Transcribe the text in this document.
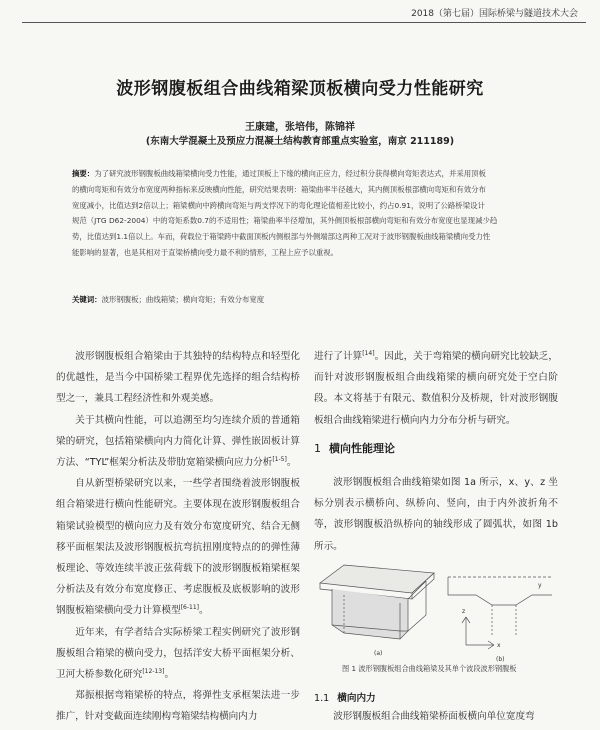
2018（第七届）国际桥梁与隧道技术大会
波形钢腹板组合曲线箱梁顶板横向受力性能研究
王康建，张培伟，陈锦祥
(东南大学混凝土及预应力混凝土结构教育部重点实验室，南京 211189)
摘要：为了研究波形钢腹板曲线箱梁横向受力性能，通过顶板上下缘的横向正应力，经过积分获得横向弯矩表达式，并采用顶板
的横向弯矩和有效分布宽度两种指标来反映横向性能，研究结果表明：箱梁曲率半径越大，其内侧顶板根部横向弯矩和有效分布
宽度减小，比值达到2倍以上；箱梁横向中跨横向弯矩与两支悖况下的弯化理论值相差比较小，约占0.91，说明了公路桥梁设计
规范（JTG D62-2004）中的弯矩系数0.7的不适用性；箱梁曲率半径增加，其外侧顶板根部横向弯矩和有效分布宽度也显现减少趋
势，比值达到1.1倍以上。车而，荷载位于箱梁跨中截面顶板内侧根部与外侧端部这两种工况对于波形钢腹板曲线箱梁横向受力性
能影响的显著，也是其相对于直梁桥横向受力最不利的情形，工程上应予以重视。
关键词：波形钢腹板；曲线箱梁；横向弯矩；有效分布宽度

波形钢腹板组合箱梁由于其独特的结构特点和轻型化的优越性，是当今中国桥梁工程界优先选择的组合结构桥型之一，兼具工程经济性和外观美感。

关于其横向性能，可以追溯至均匀连续介质的普通箱梁的研究，包括箱梁横向内力简化计算、弹性嵌固板计算方法、“TYL”框架分析法及带肋宽箱梁横向应力分析[1-5]。

自从新型桥梁研究以来，一些学者围绕着波形钢腹板组合箱梁进行横向性能研究。主要体现在波形钢腹板组合箱梁试验模型的横向应力及有效分布宽度研究、结合无侧移平面框架法及波形钢腹板抗弯抗扭刚度特点的的弹性薄板理论、等效连续半波正弦荷载下的波形钢腹板箱梁框架分析法及有效分布宽度修正、考虑腹板及底板影响的波形钢腹板箱梁横向受力计算模型[6-11]。

近年来，有学者结合实际桥梁工程实例研究了波形钢腹板组合箱梁的横向受力，包括洋安大桥平面框架分析、卫河大桥参数化研究[12-13]。

郑振根据弯箱梁桥的特点，将弹性支承框架法进一步推广，针对变截面连续刚构弯箱梁结构横向内力

进行了计算[14]。因此，关于弯箱梁的横向研究比较缺乏，而针对波形钢腹板组合曲线箱梁的横向研究处于空白阶段。本文将基于有限元、数值积分及桥规，针对波形钢腹板组合曲线箱梁进行横向内力分布分析与研究。

1 横向性能理论

波形钢腹板组合曲线箱梁如图 1a 所示，x、y、z 坐标分别表示横桥向、纵桥向、竖向，由于内外波折角不等，波形钢腹板沿纵桥向的轴线形成了圆弧状，如图 1b 所示。

(a)
z
x
y
(b)
图 1 波形钢腹板组合曲线箱梁及其单个波段波形钢腹板
1.1 横向内力
波形钢腹板组合曲线箱梁桥面板横向单位宽度弯
